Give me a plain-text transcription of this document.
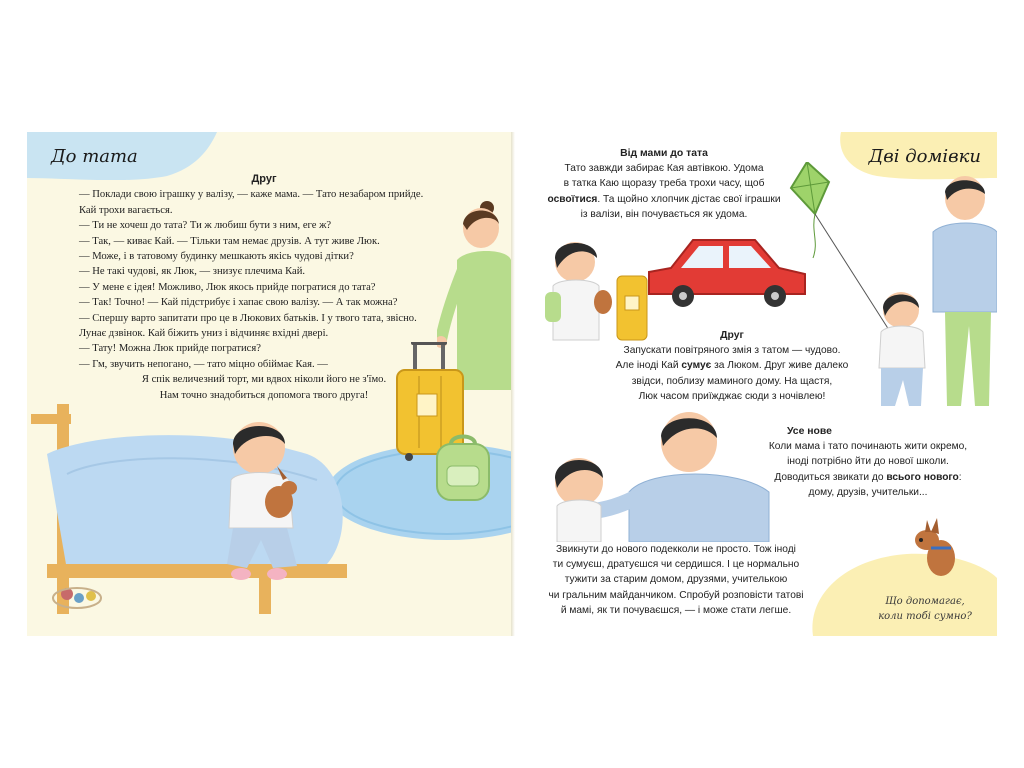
До тата
Друг
— Поклади свою іграшку у валізу, — каже мама. — Тато незабаром прийде.
Кай трохи вагається.
— Ти не хочеш до тата? Ти ж любиш бути з ним, еге ж?
— Так, — киває Кай. — Тільки там немає друзів. А тут живе Люк.
— Може, і в татовому будинку мешкають якісь чудові дітки?
— Не такі чудові, як Люк, — знизує плечима Кай.
— У мене є ідея! Можливо, Люк якось прийде погратися до тата?
— Так! Точно! — Кай підстрибує і хапає свою валізу. — А так можна?
— Спершу варто запитати про це в Люкових батьків. І у твого тата, звісно.
Лунає дзвінок. Кай біжить униз і відчиняє вхідні двері.
— Тату! Можна Люк прийде погратися?
— Гм, звучить непогано, — тато міцно обіймає Кая. —
Я спік величезний торт, ми вдвох ніколи його не з'їмо.
Нам точно знадобиться допомога твого друга!
Дві домівки
Від мами до тата
Тато завжди забирає Кая автівкою. Удома
в татка Каю щоразу треба трохи часу, щоб
освоїтися. Та щойно хлопчик дістає свої іграшки
із валізи, він почувається як удома.
Друг
Запускати повітряного змія з татом — чудово.
Але іноді Кай сумує за Люком. Друг живе далеко
звідси, поблизу маминого дому. На щастя,
Люк часом приїжджає сюди з ночівлею!
Усе нове
Коли мама і тато починають жити окремо,
іноді потрібно йти до нової школи.
Доводиться звикати до всього нового:
дому, друзів, учительки...
Звикнути до нового подекколи не просто. Тож іноді
ти сумуєш, дратуєшся чи сердишся. І це нормально
тужити за старим домом, друзями, учителькою
чи гральним майданчиком. Спробуй розповісти татові
й мамі, як ти почуваєшся, — і може стати легше.
Що допомагає,
коли тобі сумно?
